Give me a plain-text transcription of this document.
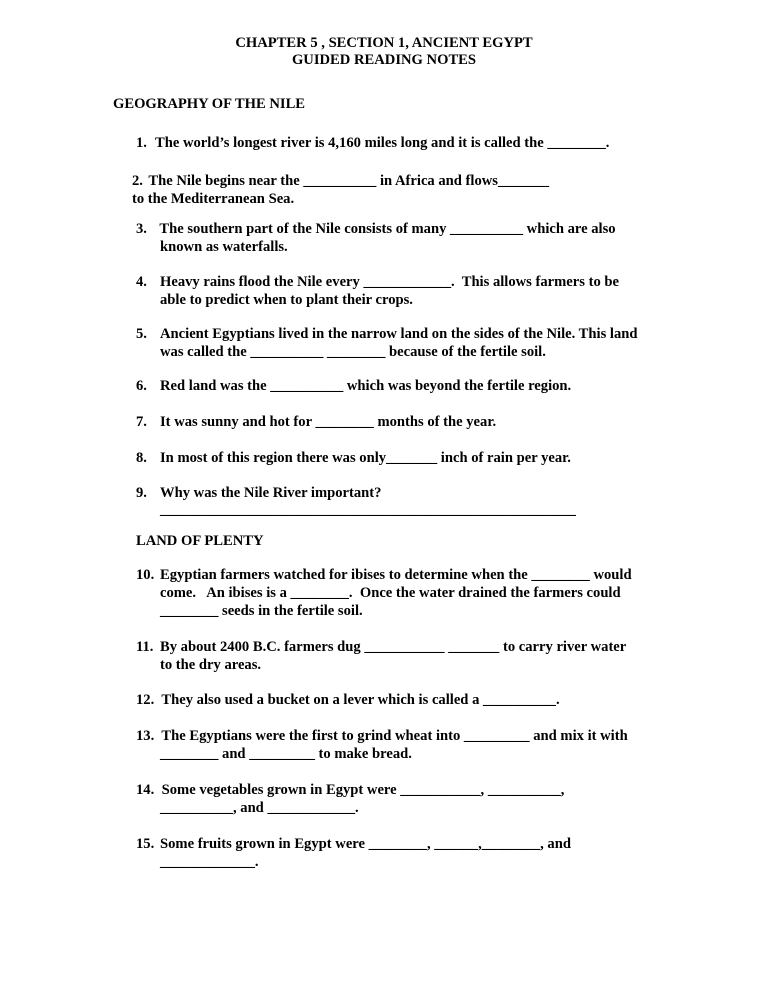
CHAPTER 5 , SECTION 1, ANCIENT EGYPT
GUIDED READING NOTES
GEOGRAPHY OF THE NILE
1. The world’s longest river is 4,160 miles long and it is called the ________.
2. The Nile begins near the __________ in Africa and flows_______
to the Mediterranean Sea.
3. The southern part of the Nile consists of many __________ which are also
known as waterfalls.
4. Heavy rains flood the Nile every ____________.  This allows farmers to be
able to predict when to plant their crops.
5. Ancient Egyptians lived in the narrow land on the sides of the Nile. This land
was called the __________ ________ because of the fertile soil.
6. Red land was the __________ which was beyond the fertile region.
7. It was sunny and hot for ________ months of the year.
8. In most of this region there was only_______ inch of rain per year.
9. Why was the Nile River important?
_________________________________________________________
LAND OF PLENTY
10. Egyptian farmers watched for ibises to determine when the ________ would
come.   An ibises is a ________.  Once the water drained the farmers could
________ seeds in the fertile soil.
11. By about 2400 B.C. farmers dug ___________ _______ to carry river water
to the dry areas.
12. They also used a bucket on a lever which is called a __________.
13. The Egyptians were the first to grind wheat into _________ and mix it with
________ and _________ to make bread.
14. Some vegetables grown in Egypt were ___________, __________,
__________, and ____________.
15. Some fruits grown in Egypt were ________, ______,________, and
_____________.
